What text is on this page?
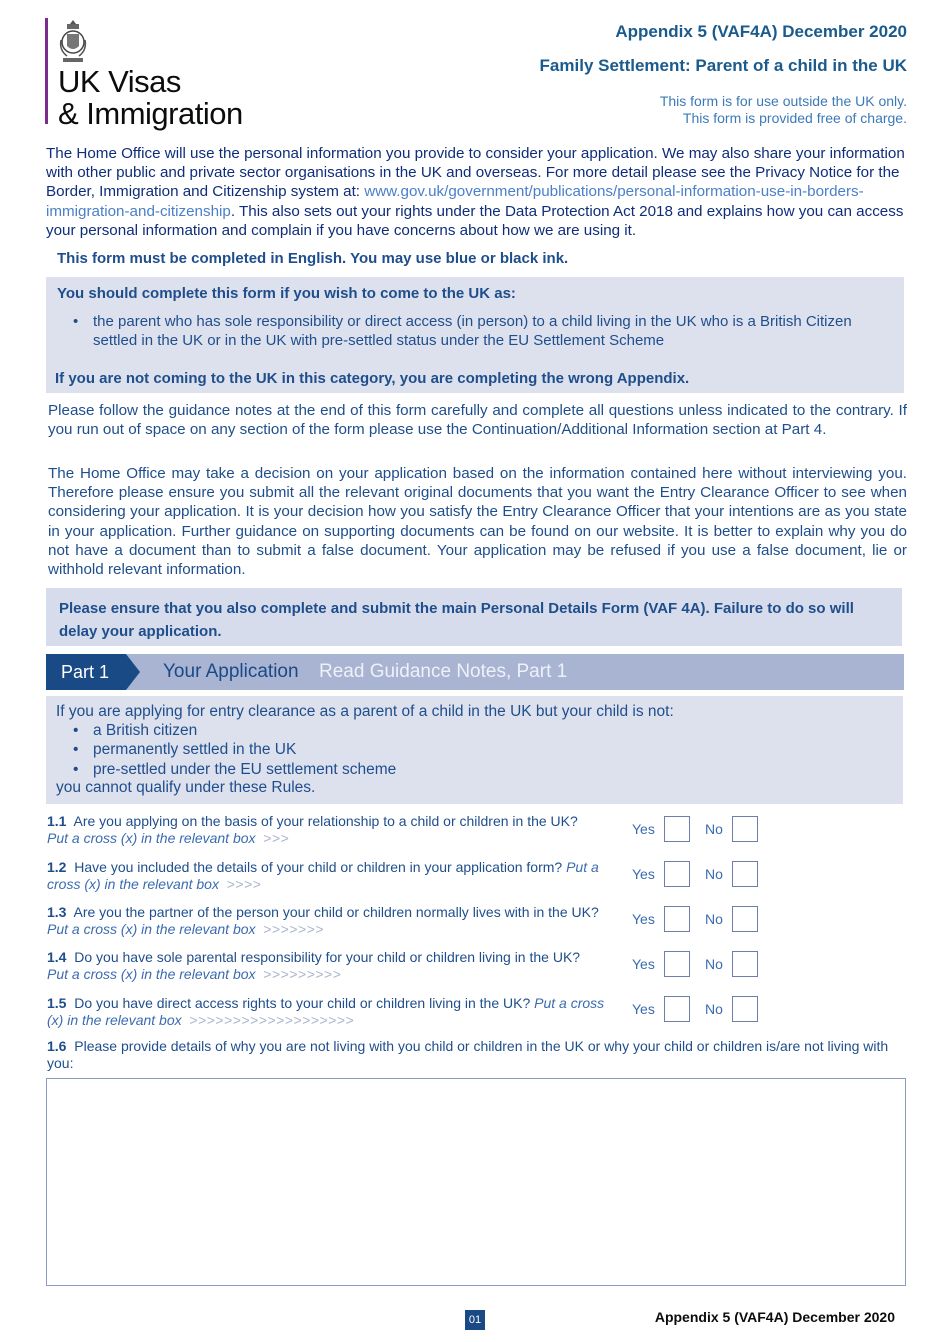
UK Visas
& Immigration
Appendix 5 (VAF4A) December 2020
Family Settlement: Parent of a child in the UK
This form is for use outside the UK only.
This form is provided free of charge.
The Home Office will use the personal information you provide to consider your application. We may also share your information with other public and private sector organisations in the UK and overseas. For more detail please see the Privacy Notice for the Border, Immigration and Citizenship system at: www.gov.uk/government/publications/personal-information-use-in-borders-immigration-and-citizenship. This also sets out your rights under the Data Protection Act 2018 and explains how you can access your personal information and complain if you have concerns about how we are using it.
This form must be completed in English. You may use blue or black ink.
You should complete this form if you wish to come to the UK as:
• the parent who has sole responsibility or direct access (in person) to a child living in the UK who is a British Citizen settled in the UK or in the UK with pre-settled status under the EU Settlement Scheme
If you are not coming to the UK in this category, you are completing the wrong Appendix.
Please follow the guidance notes at the end of this form carefully and complete all questions unless indicated to the contrary. If you run out of space on any section of the form please use the Continuation/Additional Information section at Part 4.
The Home Office may take a decision on your application based on the information contained here without interviewing you. Therefore please ensure you submit all the relevant original documents that you want the Entry Clearance Officer to see when considering your application. It is your decision how you satisfy the Entry Clearance Officer that your intentions are as you state in your application. Further guidance on supporting documents can be found on our website. It is better to explain why you do not have a document than to submit a false document. Your application may be refused if you use a false document, lie or withhold relevant information.
Please ensure that you also complete and submit the main Personal Details Form (VAF 4A). Failure to do so will delay your application.
Part 1	Your Application Read Guidance Notes, Part 1
If you are applying for entry clearance as a parent of a child in the UK but your child is not:
• a British citizen
• permanently settled in the UK
• pre-settled under the EU settlement scheme
you cannot qualify under these Rules.
1.1 Are you applying on the basis of your relationship to a child or children in the UK?
Put a cross (x) in the relevant box >>>
Yes	No
1.2 Have you included the details of your child or children in your application form? Put a cross (x) in the relevant box >>>>
Yes	No
1.3 Are you the partner of the person your child or children normally lives with in the UK? Put a cross (x) in the relevant box >>>>>>>
Yes	No
1.4 Do you have sole parental responsibility for your child or children living in the UK?
Put a cross (x) in the relevant box >>>>>>>>>
Yes	No
1.5 Do you have direct access rights to your child or children living in the UK? Put a cross (x) in the relevant box >>>>>>>>>>>>>>>>>>>
Yes	No
1.6 Please provide details of why you are not living with you child or children in the UK or why your child or children is/are not living with you:
01	Appendix 5 (VAF4A) December 2020
